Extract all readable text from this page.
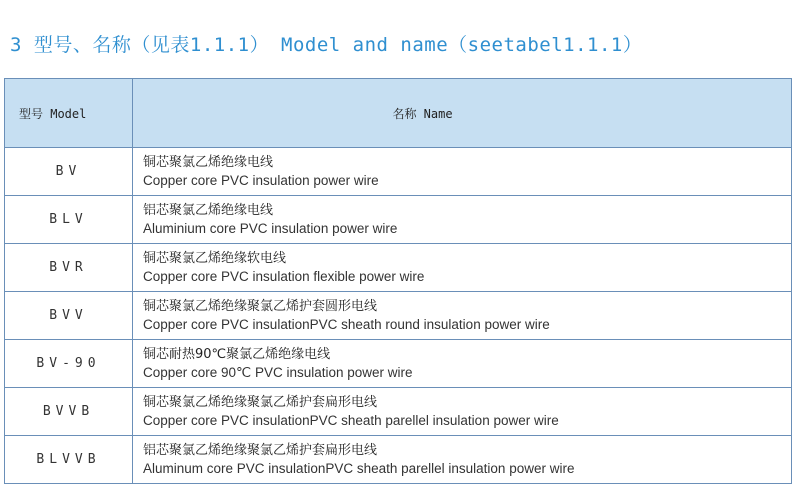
3 型号、名称（见表1.1.1） Model and name（seetabel1.1.1）
型号 Model	名称 Name
BV	铜芯聚氯乙烯绝缘电线
Copper core PVC insulation power wire

BLV	铝芯聚氯乙烯绝缘电线
Aluminium core PVC insulation power wire

BVR	铜芯聚氯乙烯绝缘软电线
Copper core PVC insulation flexible power wire

BVV	铜芯聚氯乙烯绝缘聚氯乙烯护套圆形电线
Copper core PVC insulationPVC sheath round insulation power wire

BV-90	铜芯耐热90℃聚氯乙烯绝缘电线
Copper core 90℃ PVC insulation power wire

BVVB	铜芯聚氯乙烯绝缘聚氯乙烯护套扁形电线
Copper core PVC insulationPVC sheath parellel insulation power wire

BLVVB	铝芯聚氯乙烯绝缘聚氯乙烯护套扁形电线
Aluminum core PVC insulationPVC sheath parellel insulation power wire
